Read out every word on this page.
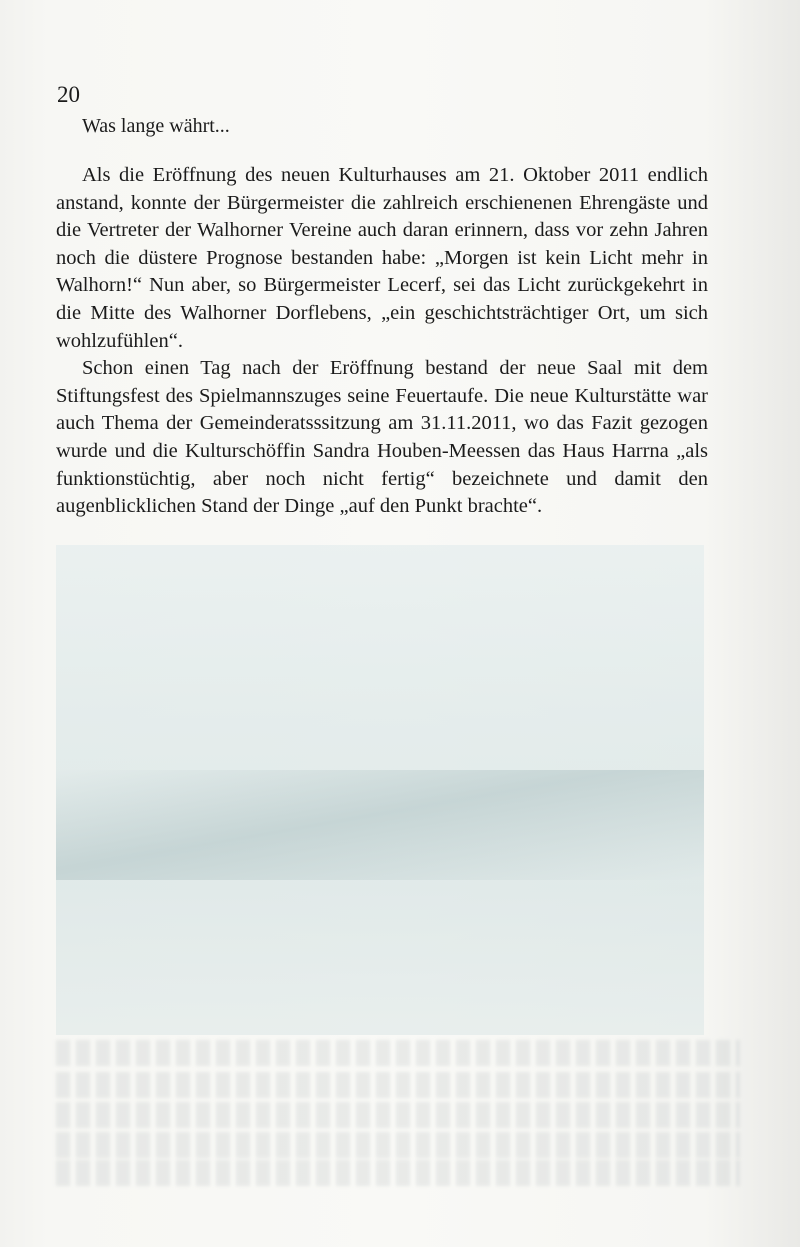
20
Was lange währt...

Als die Eröffnung des neuen Kulturhauses am 21. Oktober 2011 endlich anstand, konnte der Bürgermeister die zahlreich erschienenen Ehrengäste und die Vertreter der Walhorner Vereine auch daran erinnern, dass vor zehn Jahren noch die düstere Prognose bestanden habe: „Morgen ist kein Licht mehr in Walhorn!“ Nun aber, so Bürgermeister Lecerf, sei das Licht zurückgekehrt in die Mitte des Walhorner Dorflebens, „ein geschichtsträchtiger Ort, um sich wohlzufühlen“.

Schon einen Tag nach der Eröffnung bestand der neue Saal mit dem Stiftungsfest des Spielmannszuges seine Feuertaufe. Die neue Kulturstätte war auch Thema der Gemeinderatsssitzung am 31.11.2011, wo das Fazit gezogen wurde und die Kulturschöffin Sandra Houben-Meessen das Haus Harrna „als funktionstüchtig, aber noch nicht fertig“ bezeichnete und damit den augenblicklichen Stand der Dinge „auf den Punkt brachte“.
